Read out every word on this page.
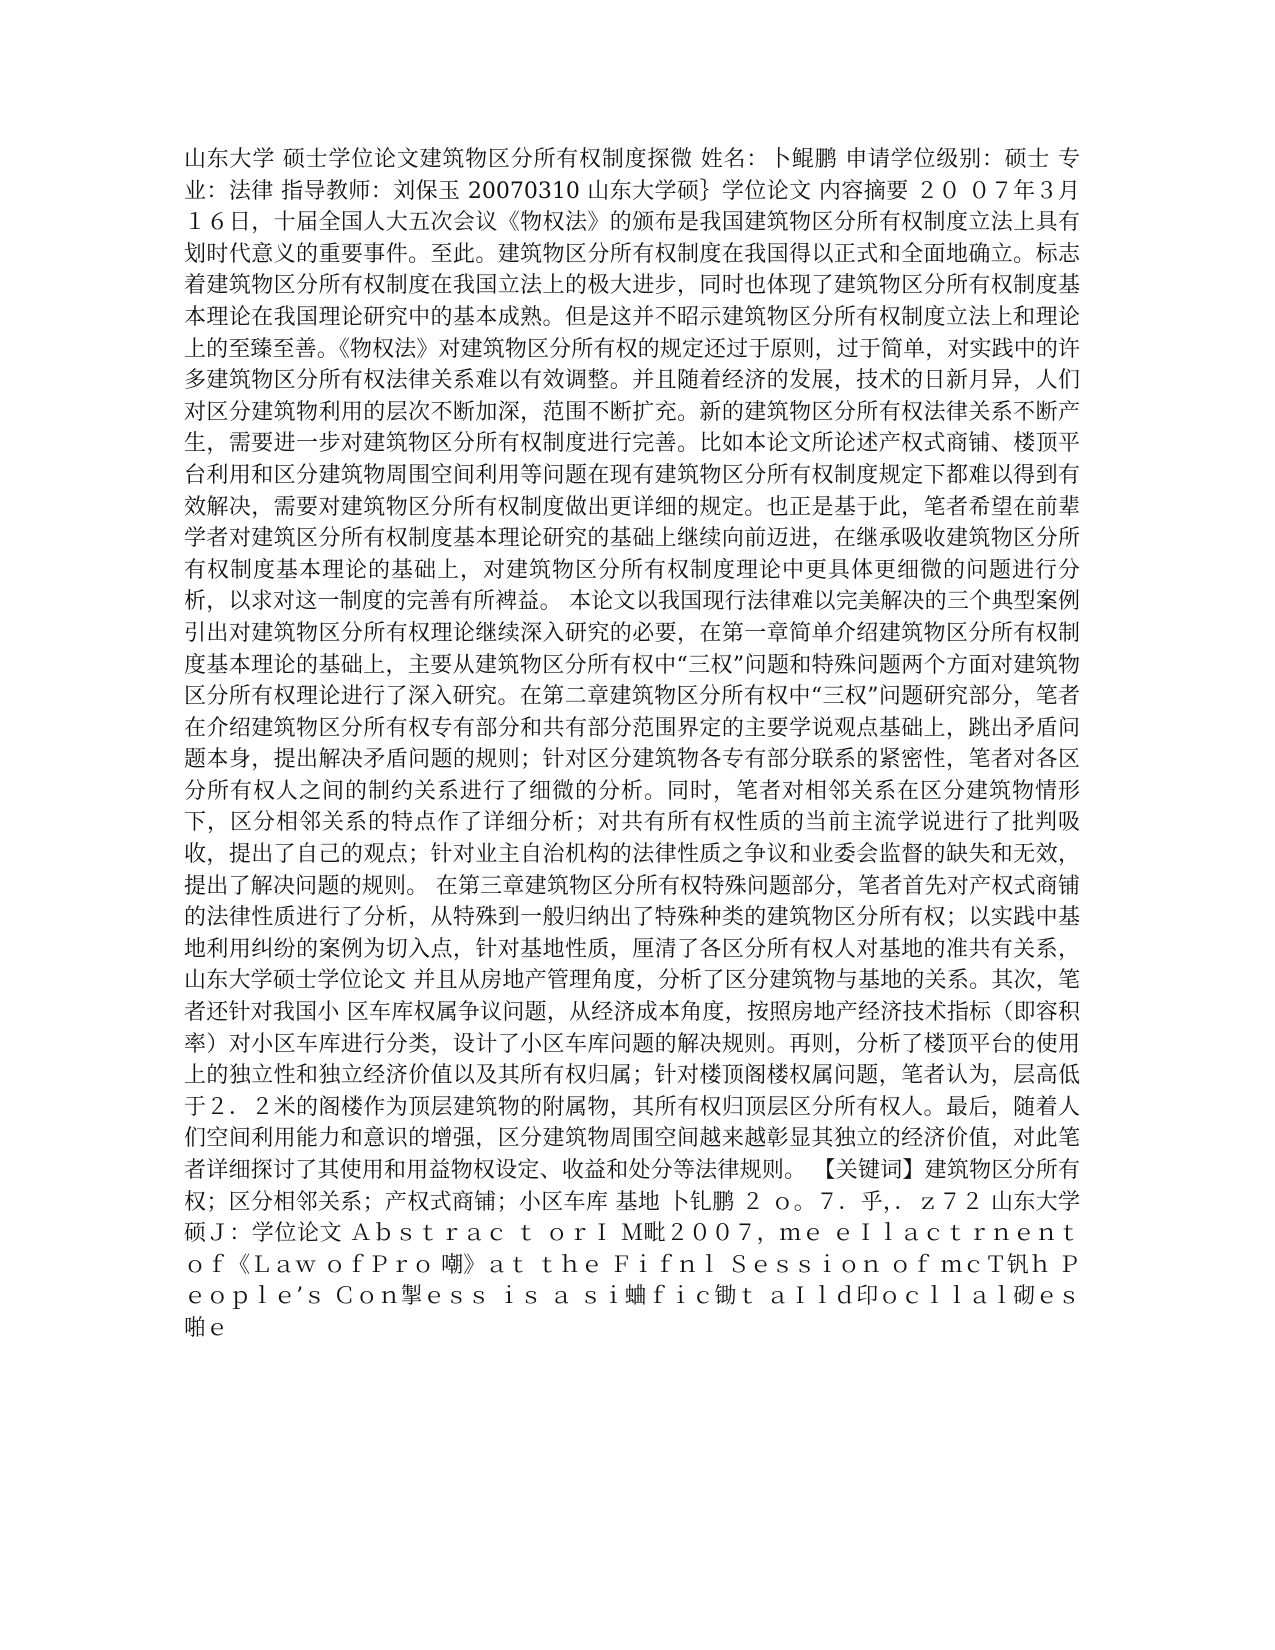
山东大学 硕士学位论文建筑物区分所有权制度探微 姓名：卜鲲鹏 申请学位级别：硕士 专业：法律 指导教师：刘保玉 20070310 山东大学硕｝学位论文 内容摘要 ２０ ０７年３月１６日，十届全国人大五次会议《物权法》的颁布是我国建筑物区分所有权制度立法上具有划时代意义的重要事件。至此。建筑物区分所有权制度在我国得以正式和全面地确立。标志着建筑物区分所有权制度在我国立法上的极大进步，同时也体现了建筑物区分所有权制度基本理论在我国理论研究中的基本成熟。但是这并不昭示建筑物区分所有权制度立法上和理论上的至臻至善。《物权法》对建筑物区分所有权的规定还过于原则，过于简单，对实践中的许多建筑物区分所有权法律关系难以有效调整。并且随着经济的发展，技术的日新月异，人们对区分建筑物利用的层次不断加深，范围不断扩充。新的建筑物区分所有权法律关系不断产生，需要进一步对建筑物区分所有权制度进行完善。比如本论文所论述产权式商铺、楼顶平台利用和区分建筑物周围空间利用等问题在现有建筑物区分所有权制度规定下都难以得到有效解决，需要对建筑物区分所有权制度做出更详细的规定。也正是基于此，笔者希望在前辈学者对建筑区分所有权制度基本理论研究的基础上继续向前迈进，在继承吸收建筑物区分所有权制度基本理论的基础上，对建筑物区分所有权制度理论中更具体更细微的问题进行分析，以求对这一制度的完善有所裨益。 本论文以我国现行法律难以完美解决的三个典型案例引出对建筑物区分所有权理论继续深入研究的必要，在第一章简单介绍建筑物区分所有权制度基本理论的基础上，主要从建筑物区分所有权中“三权”问题和特殊问题两个方面对建筑物区分所有权理论进行了深入研究。在第二章建筑物区分所有权中“三权”问题研究部分，笔者在介绍建筑物区分所有权专有部分和共有部分范围界定的主要学说观点基础上，跳出矛盾问题本身，提出解决矛盾问题的规则；针对区分建筑物各专有部分联系的紧密性，笔者对各区分所有权人之间的制约关系进行了细微的分析。同时，笔者对相邻关系在区分建筑物情形下，区分相邻关系的特点作了详细分析；对共有所有权性质的当前主流学说进行了批判吸收，提出了自己的观点；针对业主自治机构的法律性质之争议和业委会监督的缺失和无效，提出了解决问题的规则。 在第三章建筑物区分所有权特殊问题部分，笔者首先对产权式商铺的法律性质进行了分析，从特殊到一般归纳出了特殊种类的建筑物区分所有权；以实践中基地利用纠纷的案例为切入点，针对基地性质，厘清了各区分所有权人对基地的准共有关系， 山东大学硕士学位论文 并且从房地产管理角度，分析了区分建筑物与基地的关系。其次，笔者还针对我国小 区车库权属争议问题，从经济成本角度，按照房地产经济技术指标（即容积率）对小区车库进行分类，设计了小区车库问题的解决规则。再则，分析了楼顶平台的使用上的独立性和独立经济价值以及其所有权归属；针对楼顶阁楼权属问题，笔者认为，层高低于２．２米的阁楼作为顶层建筑物的附属物，其所有权归顶层区分所有权人。最后，随着人们空间利用能力和意识的增强，区分建筑物周围空间越来越彰显其独立的经济价值，对此笔者详细探讨了其使用和用益物权设定、收益和处分等法律规则。 【关键词】建筑物区分所有权；区分相邻关系；产权式商铺；小区车库 基地 卜钆鹏 ２ ｏ。７．乎，．ｚ７２ 山东大学硕Ｊ：学位论文 Ａｂｓｔｒａｃ ｔ ｏｒＩ Ｍ毗２００７，ｍｅ ｅＩｌａｃｔｒｎｅｎｔ ｏｆ《Ｌａｗ ｏｆＰｒｏ 嘲》ａｔ ｔｈｅ Ｆｉｆｎｌ Ｓｅｓｓｉｏｎ ｏｆ ｍｃＴ钒ｈ Ｐｅｏｐｌｅ’ｓ Ｃｏｎ掣ｅｓｓ ｉｓ ａ ｓｉ蛐ｆｉｃ锄ｔ ａＩｌｄ印ｏｃｌｌａｌ砌ｅｓ啪ｅ
